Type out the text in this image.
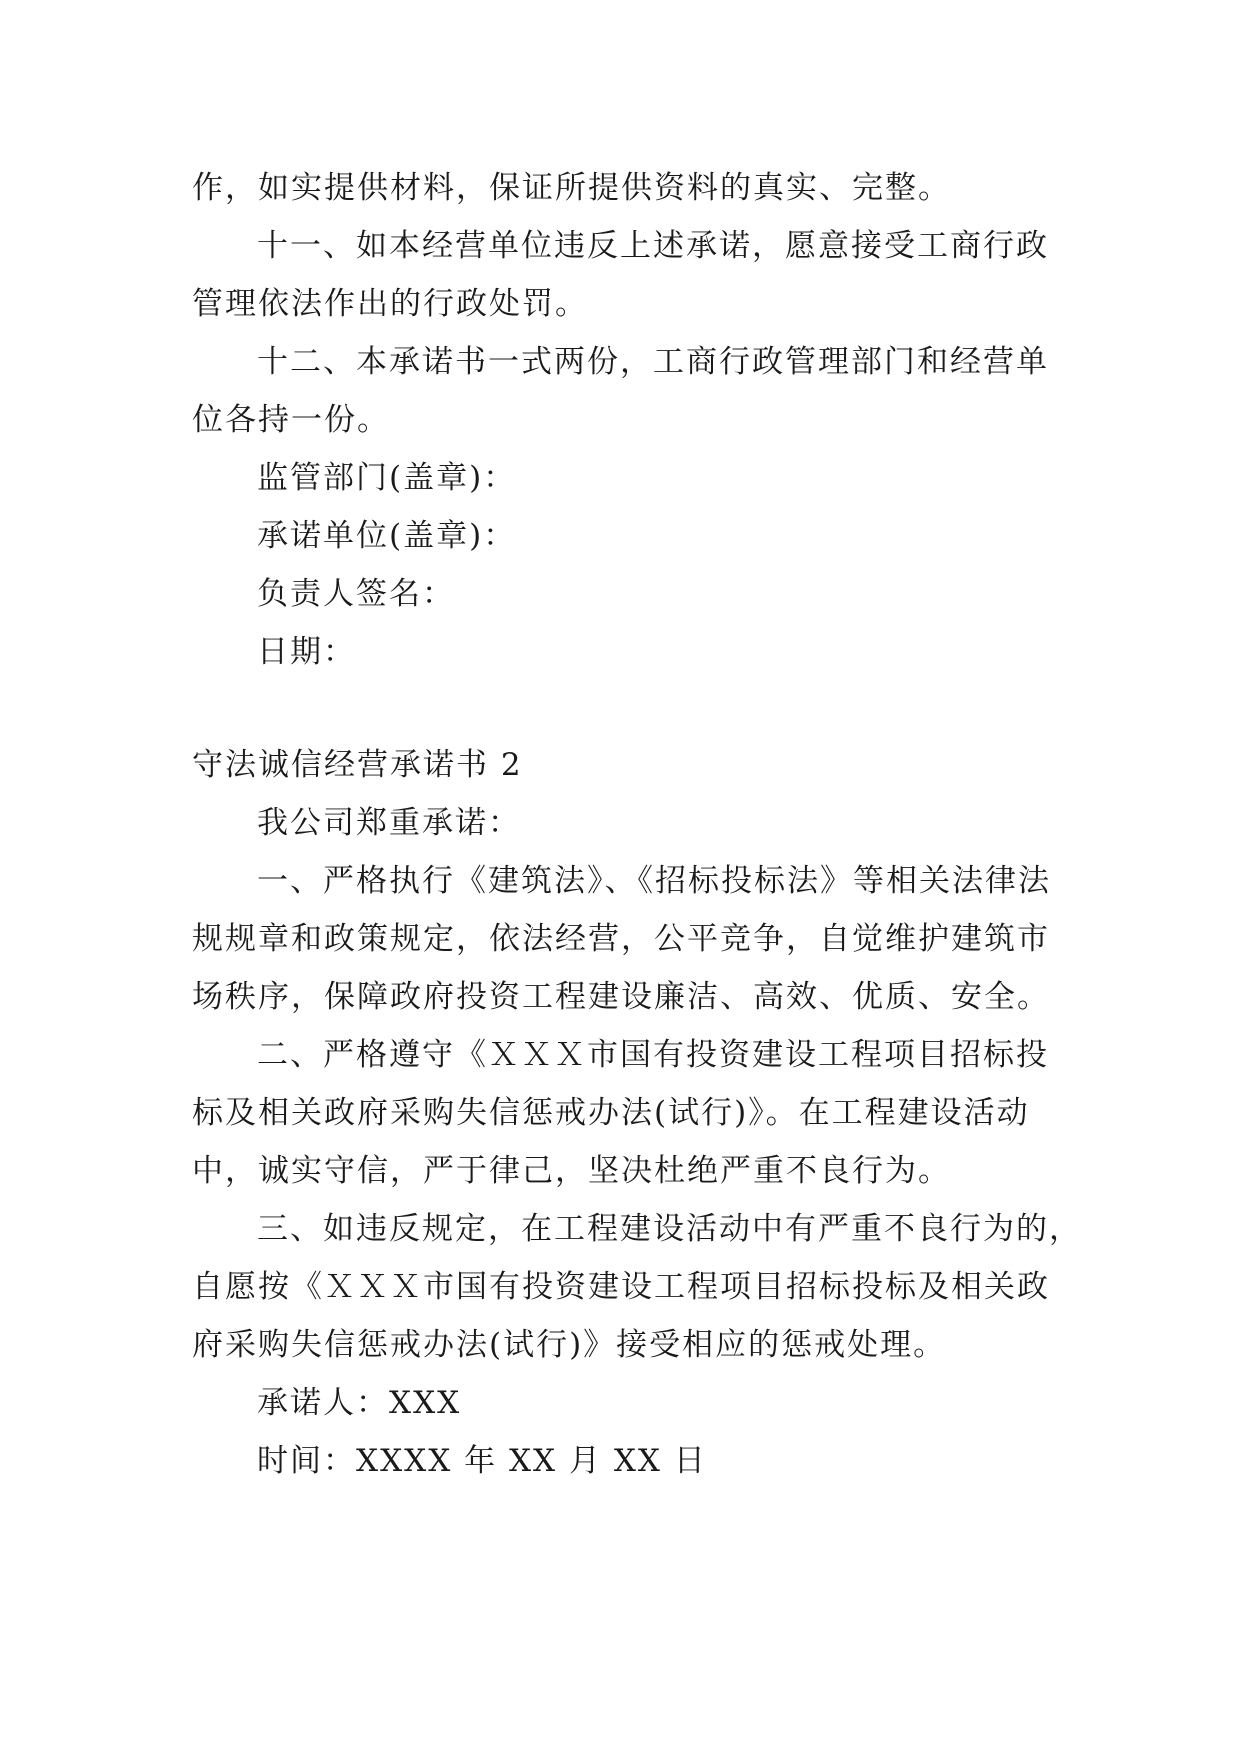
作，如实提供材料，保证所提供资料的真实、完整。
十一、如本经营单位违反上述承诺，愿意接受工商行政
管理依法作出的行政处罚。
十二、本承诺书一式两份，工商行政管理部门和经营单
位各持一份。
监管部门(盖章)：
承诺单位(盖章)：
负责人签名：
日期：
守法诚信经营承诺书 2
我公司郑重承诺：
一、严格执行《建筑法》、《招标投标法》等相关法律法
规规章和政策规定，依法经营，公平竞争，自觉维护建筑市
场秩序，保障政府投资工程建设廉洁、高效、优质、安全。
二、严格遵守《ＸＸＸ市国有投资建设工程项目招标投
标及相关政府采购失信惩戒办法(试行)》。在工程建设活动
中，诚实守信，严于律己，坚决杜绝严重不良行为。
三、如违反规定，在工程建设活动中有严重不良行为的，
自愿按《ＸＸＸ市国有投资建设工程项目招标投标及相关政
府采购失信惩戒办法(试行)》接受相应的惩戒处理。
承诺人：XXX
时间：XXXX 年 XX 月 XX 日
